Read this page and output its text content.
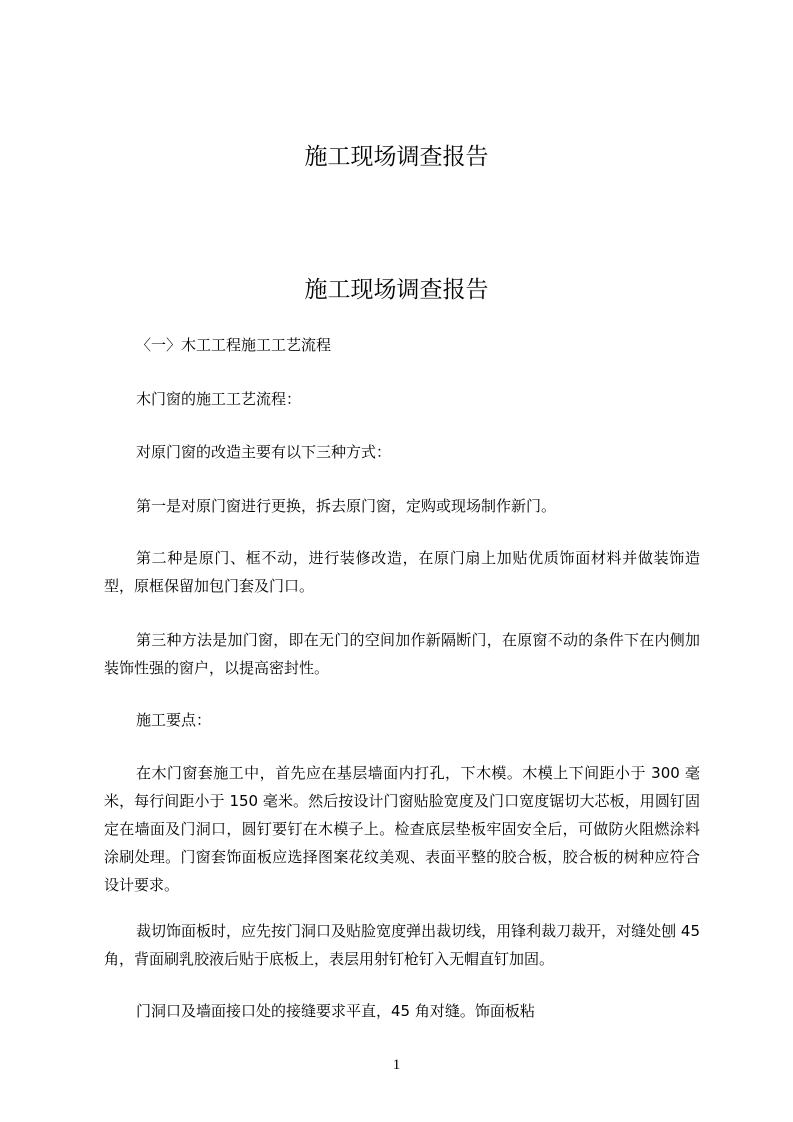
施工现场调查报告
施工现场调查报告

〈一〉木工工程施工工艺流程

木门窗的施工工艺流程：

对原门窗的改造主要有以下三种方式：

第一是对原门窗进行更换，拆去原门窗，定购或现场制作新门。

第二种是原门、框不动，进行装修改造，在原门扇上加贴优质饰面材料并做装饰造型，原框保留加包门套及门口。

第三种方法是加门窗，即在无门的空间加作新隔断门，在原窗不动的条件下在内侧加装饰性强的窗户，以提高密封性。

施工要点：

在木门窗套施工中，首先应在基层墙面内打孔，下木模。木模上下间距小于 300 毫米，每行间距小于 150 毫米。然后按设计门窗贴脸宽度及门口宽度锯切大芯板，用圆钉固定在墙面及门洞口，圆钉要钉在木模子上。检查底层垫板牢固安全后，可做防火阻燃涂料涂刷处理。门窗套饰面板应选择图案花纹美观、表面平整的胶合板，胶合板的树种应符合设计要求。

裁切饰面板时，应先按门洞口及贴脸宽度弹出裁切线，用锋利裁刀裁开，对缝处刨 45 角，背面刷乳胶液后贴于底板上，表层用射钉枪钉入无帽直钉加固。

门洞口及墙面接口处的接缝要求平直，45 角对缝。饰面板粘

1
